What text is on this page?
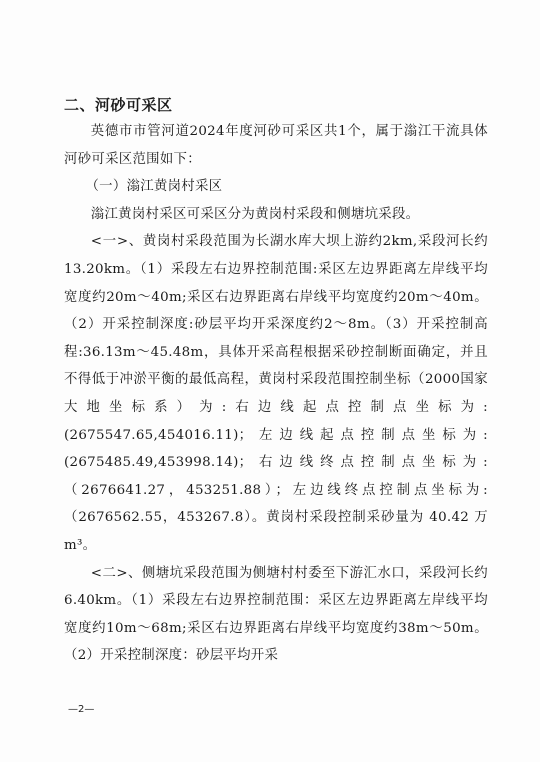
二、河砂可采区

英德市市管河道2024年度河砂可采区共1个，属于滃江干流具体河砂可采区范围如下：

（一）滃江黄岗村采区

滃江黄岗村采区可采区分为黄岗村采段和侧塘坑采段。

<一>、黄岗村采段范围为长湖水库大坝上游约2km,采段河长约13.20km。（1）采段左右边界控制范围:采区左边界距离左岸线平均宽度约20m～40m;采区右边界距离右岸线平均宽度约20m～40m。（2）开采控制深度:砂层平均开采深度约2～8m。（3）开采控制高程:36.13m～45.48m，具体开采高程根据采砂控制断面确定，并且不得低于冲淤平衡的最低高程，黄岗村采段范围控制坐标（2000国家大地坐标系）为:右边线起点控制点坐标为: (2675547.65,454016.11)；左边线起点控制点坐标为: (2675485.49,453998.14)；右边线终点控制点坐标为: （2676641.27，453251.88）；左边线终点控制点坐标为: （2676562.55，453267.8）。黄岗村采段控制采砂量为 40.42 万 m³。

<二>、侧塘坑采段范围为侧塘村村委至下游汇水口，采段河长约6.40km。（1）采段左右边界控制范围：采区左边界距离左岸线平均宽度约10m～68m;采区右边界距离右岸线平均宽度约38m～50m。（2）开采控制深度：砂层平均开采

—2—
